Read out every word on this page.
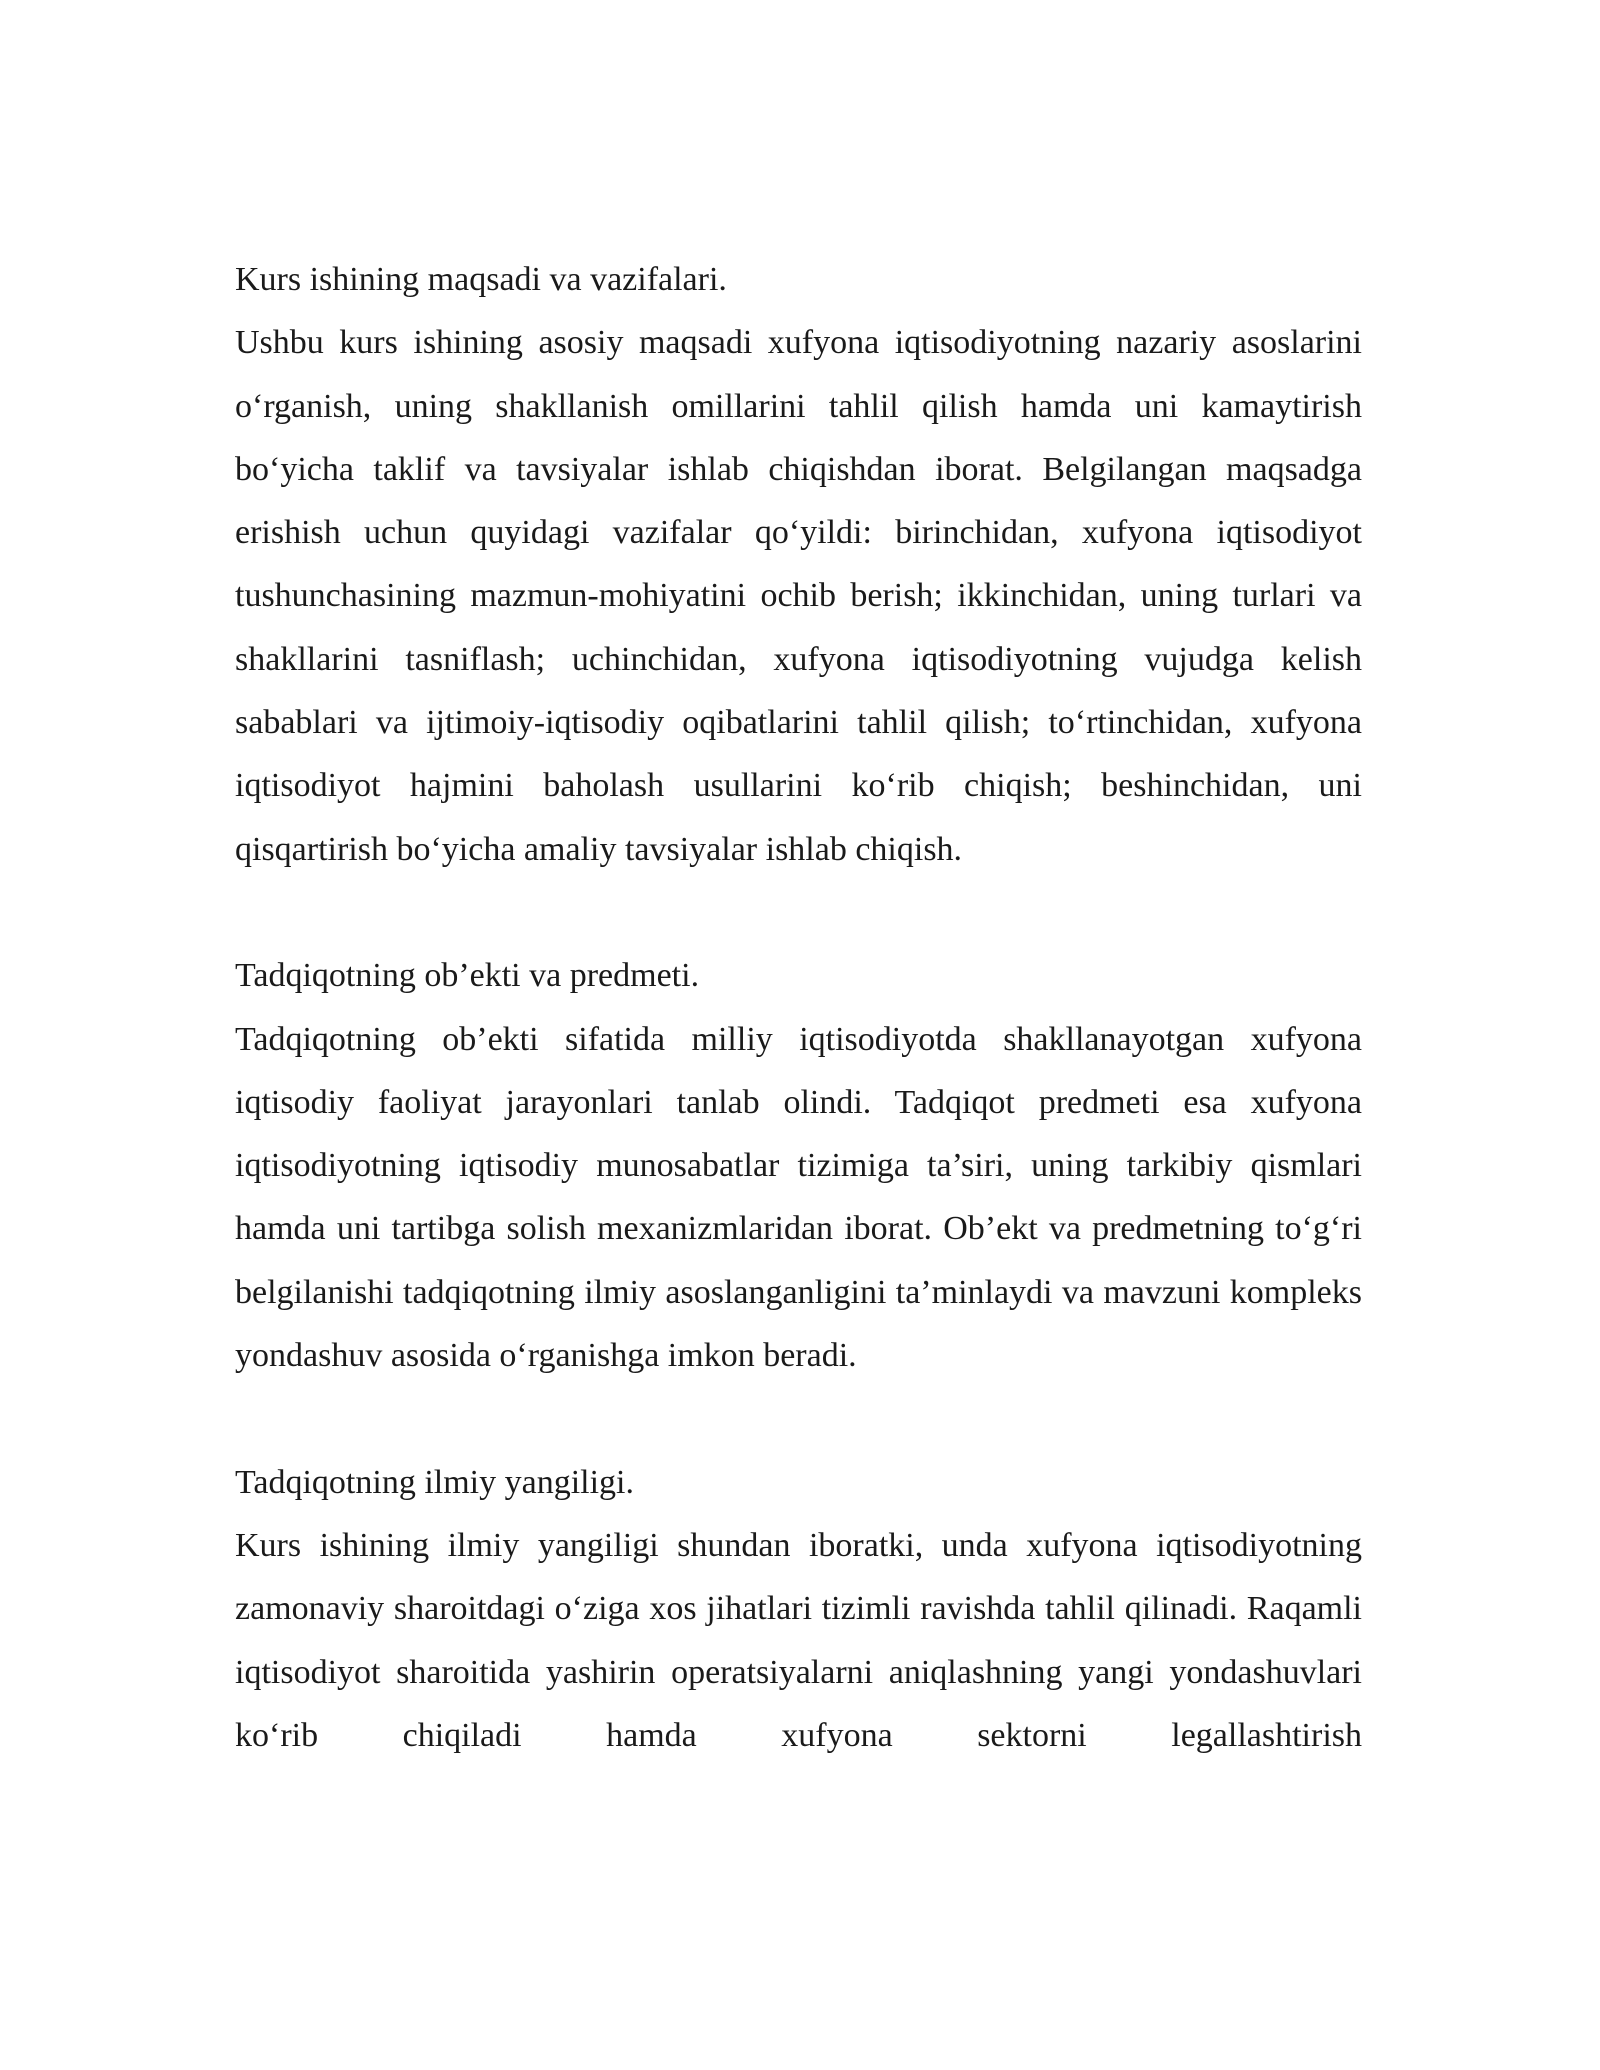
Kurs ishining maqsadi va vazifalari.

Ushbu kurs ishining asosiy maqsadi xufyona iqtisodiyotning nazariy asoslarini o‘rganish, uning shakllanish omillarini tahlil qilish hamda uni kamaytirish bo‘yicha taklif va tavsiyalar ishlab chiqishdan iborat. Belgilangan maqsadga erishish uchun quyidagi vazifalar qo‘yildi: birinchidan, xufyona iqtisodiyot tushunchasining mazmun-mohiyatini ochib berish; ikkinchidan, uning turlari va shakllarini tasniflash; uchinchidan, xufyona iqtisodiyotning vujudga kelish sabablari va ijtimoiy-iqtisodiy oqibatlarini tahlil qilish; to‘rtinchidan, xufyona iqtisodiyot hajmini baholash usullarini ko‘rib chiqish; beshinchidan, uni qisqartirish bo‘yicha amaliy tavsiyalar ishlab chiqish.

Tadqiqotning ob’ekti va predmeti.

Tadqiqotning ob’ekti sifatida milliy iqtisodiyotda shakllanayotgan xufyona iqtisodiy faoliyat jarayonlari tanlab olindi. Tadqiqot predmeti esa xufyona iqtisodiyotning iqtisodiy munosabatlar tizimiga ta’siri, uning tarkibiy qismlari hamda uni tartibga solish mexanizmlaridan iborat. Ob’ekt va predmetning to‘g‘ri belgilanishi tadqiqotning ilmiy asoslanganligini ta’minlaydi va mavzuni kompleks yondashuv asosida o‘rganishga imkon beradi.

Tadqiqotning ilmiy yangiligi.

Kurs ishining ilmiy yangiligi shundan iboratki, unda xufyona iqtisodiyotning zamonaviy sharoitdagi o‘ziga xos jihatlari tizimli ravishda tahlil qilinadi. Raqamli iqtisodiyot sharoitida yashirin operatsiyalarni aniqlashning yangi yondashuvlari ko‘rib chiqiladi hamda xufyona sektorni legallashtirish
